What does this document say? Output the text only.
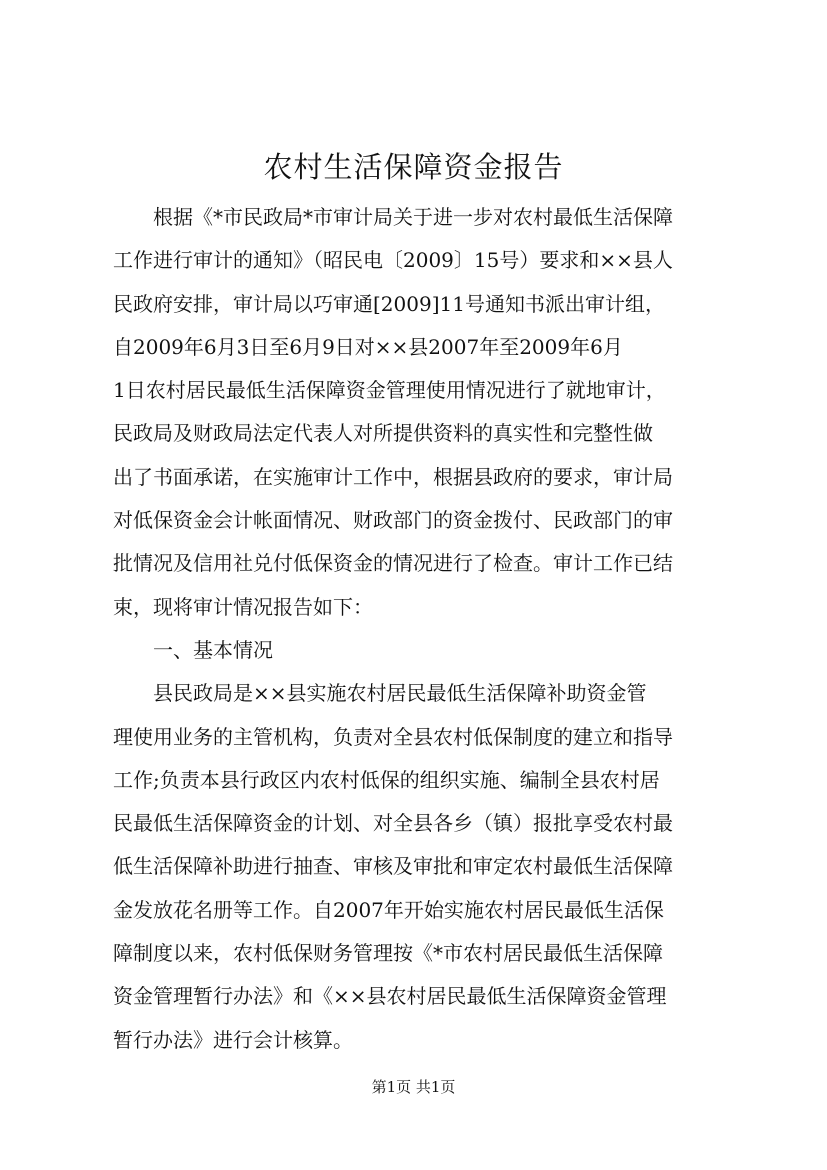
农村生活保障资金报告
根据《*市民政局*市审计局关于进一步对农村最低生活保障
工作进行审计的通知》（昭民电〔2009〕15号）要求和××县人
民政府安排，审计局以巧审通[2009]11号通知书派出审计组，
自2009年6月3日至6月9日对××县2007年至2009年6月
1日农村居民最低生活保障资金管理使用情况进行了就地审计，
民政局及财政局法定代表人对所提供资料的真实性和完整性做
出了书面承诺，在实施审计工作中，根据县政府的要求，审计局
对低保资金会计帐面情况、财政部门的资金拨付、民政部门的审
批情况及信用社兑付低保资金的情况进行了检查。审计工作已结
束，现将审计情况报告如下：
一、基本情况
县民政局是××县实施农村居民最低生活保障补助资金管
理使用业务的主管机构，负责对全县农村低保制度的建立和指导
工作;负责本县行政区内农村低保的组织实施、编制全县农村居
民最低生活保障资金的计划、对全县各乡（镇）报批享受农村最
低生活保障补助进行抽查、审核及审批和审定农村最低生活保障
金发放花名册等工作。自2007年开始实施农村居民最低生活保
障制度以来，农村低保财务管理按《*市农村居民最低生活保障
资金管理暂行办法》和《××县农村居民最低生活保障资金管理
暂行办法》进行会计核算。
第1页 共1页
